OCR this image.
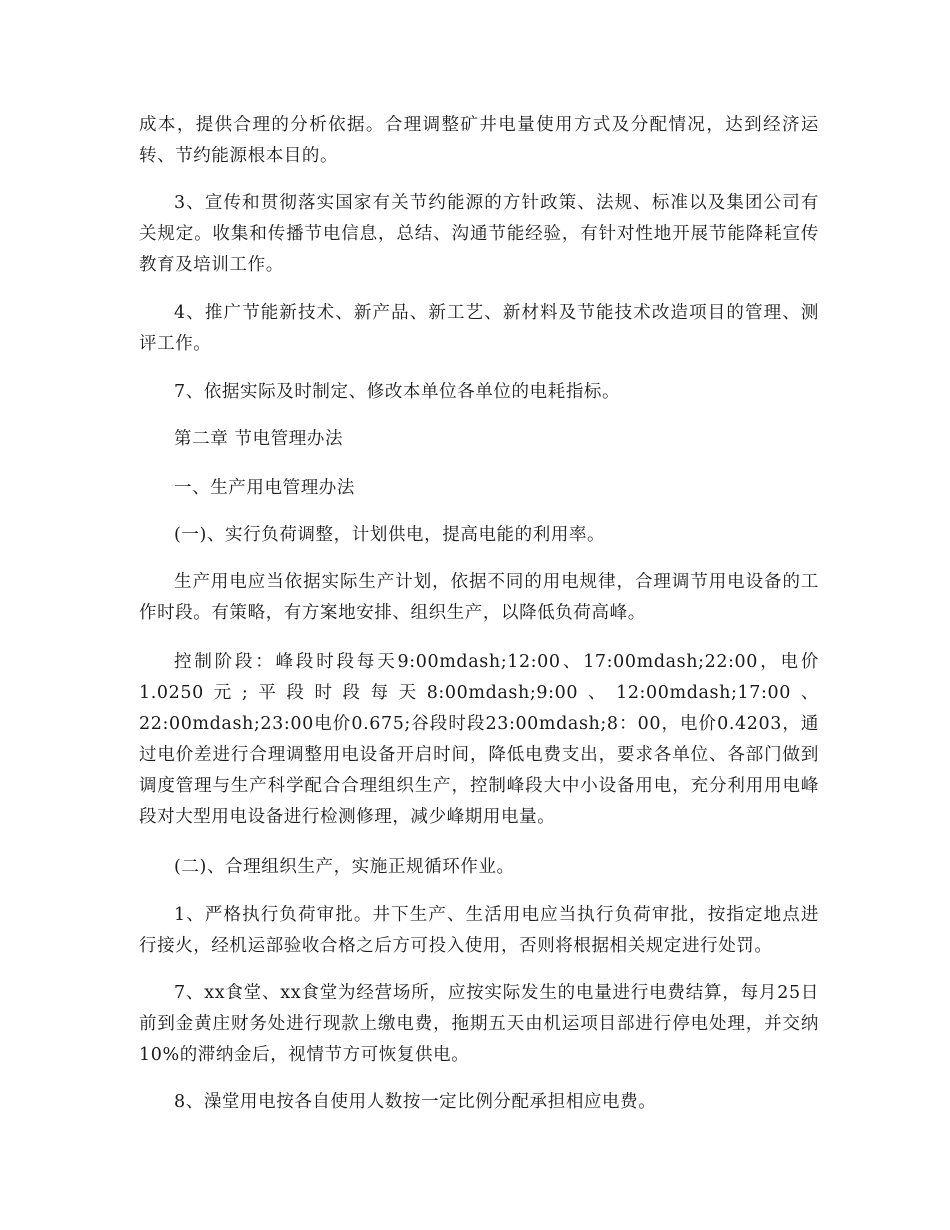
成本，提供合理的分析依据。合理调整矿井电量使用方式及分配情况，达到经济运转、节约能源根本目的。

3、宣传和贯彻落实国家有关节约能源的方针政策、法规、标准以及集团公司有关规定。收集和传播节电信息，总结、沟通节能经验，有针对性地开展节能降耗宣传教育及培训工作。

4、推广节能新技术、新产品、新工艺、新材料及节能技术改造项目的管理、测评工作。

7、依据实际及时制定、修改本单位各单位的电耗指标。

第二章 节电管理办法

一、生产用电管理办法

(一)、实行负荷调整，计划供电，提高电能的利用率。

生产用电应当依据实际生产计划，依据不同的用电规律，合理调节用电设备的工作时段。有策略，有方案地安排、组织生产，以降低负荷高峰。

控制阶段：峰段时段每天9:00mdash;12:00、17:00mdash;22:00，电价1.0250元;平段时段每天8:00mdash;9:00、12:00mdash;17:00、22:00mdash;23:00电价0.675;谷段时段23:00mdash;8：00，电价0.4203，通过电价差进行合理调整用电设备开启时间，降低电费支出，要求各单位、各部门做到调度管理与生产科学配合合理组织生产，控制峰段大中小设备用电，充分利用用电峰段对大型用电设备进行检测修理，减少峰期用电量。

(二)、合理组织生产，实施正规循环作业。

1、严格执行负荷审批。井下生产、生活用电应当执行负荷审批，按指定地点进行接火，经机运部验收合格之后方可投入使用，否则将根据相关规定进行处罚。

7、xx食堂、xx食堂为经营场所，应按实际发生的电量进行电费结算，每月25日前到金黄庄财务处进行现款上缴电费，拖期五天由机运项目部进行停电处理，并交纳10%的滞纳金后，视情节方可恢复供电。

8、澡堂用电按各自使用人数按一定比例分配承担相应电费。
